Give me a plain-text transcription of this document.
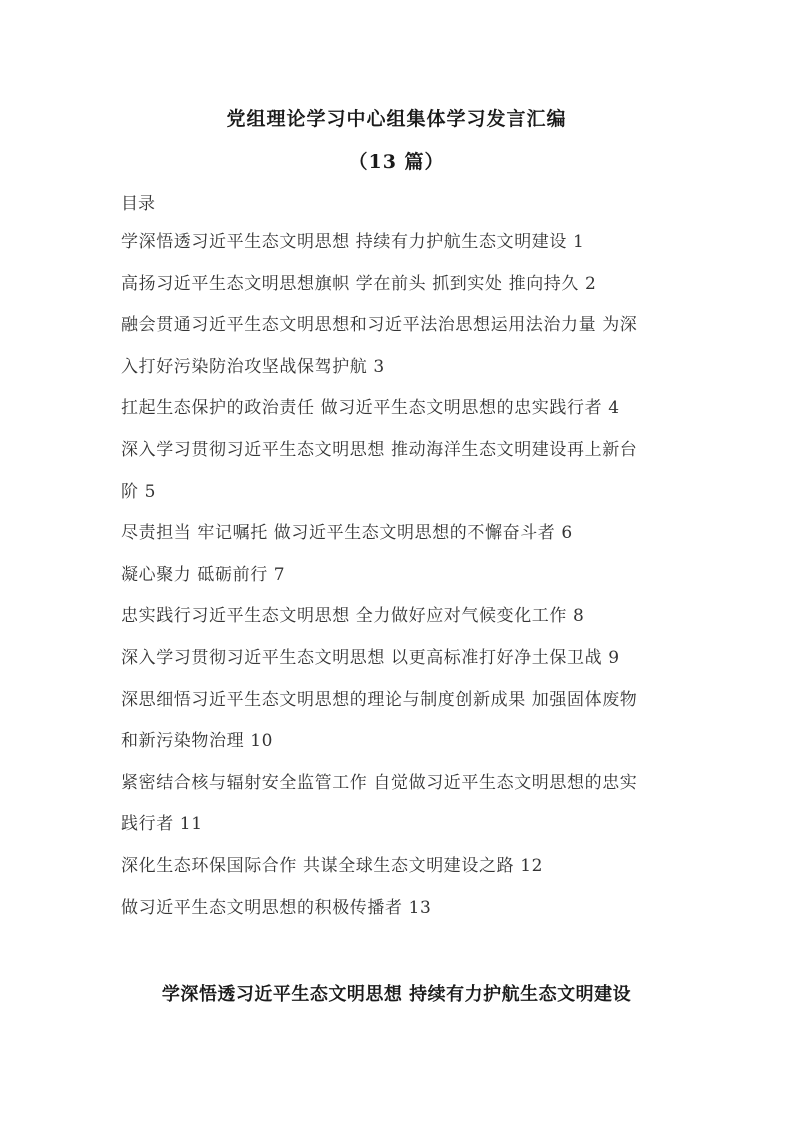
党组理论学习中心组集体学习发言汇编
（13 篇）
目录
学深悟透习近平生态文明思想 持续有力护航生态文明建设 1
高扬习近平生态文明思想旗帜 学在前头 抓到实处 推向持久 2
融会贯通习近平生态文明思想和习近平法治思想运用法治力量 为深
入打好污染防治攻坚战保驾护航 3
扛起生态保护的政治责任 做习近平生态文明思想的忠实践行者 4
深入学习贯彻习近平生态文明思想 推动海洋生态文明建设再上新台
阶 5
尽责担当 牢记嘱托 做习近平生态文明思想的不懈奋斗者 6
凝心聚力 砥砺前行 7
忠实践行习近平生态文明思想 全力做好应对气候变化工作 8
深入学习贯彻习近平生态文明思想 以更高标准打好净土保卫战 9
深思细悟习近平生态文明思想的理论与制度创新成果 加强固体废物
和新污染物治理 10
紧密结合核与辐射安全监管工作 自觉做习近平生态文明思想的忠实
践行者 11
深化生态环保国际合作 共谋全球生态文明建设之路 12
做习近平生态文明思想的积极传播者 13
学深悟透习近平生态文明思想 持续有力护航生态文明建设
